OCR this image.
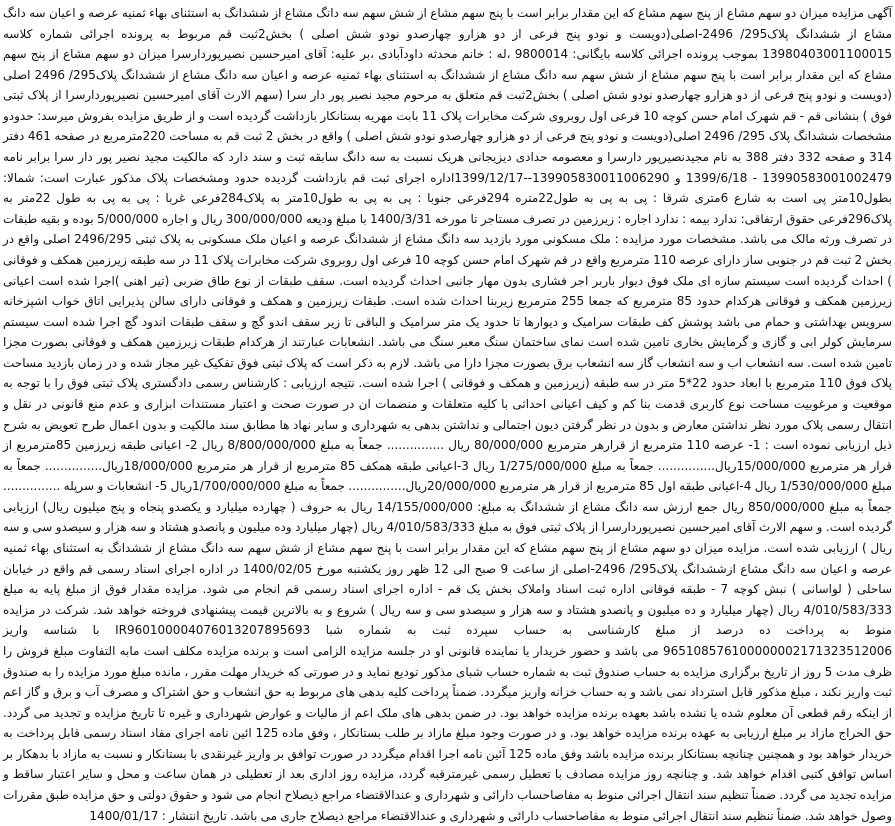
آگهی مزایده میزان دو سهم مشاع از پنج سهم مشاع که این مقدار برابر است با پنج سهم مشاع از شش سهم سه دانگ مشاع از ششدانگ به استثنای بهاء ثمنیه عرصه و اعیان سه دانگ مشاع از ششدانگ پلاک295/ 2496-اصلی(دویست و نودو پنج فرعی از دو هزارو چهارصدو نودو شش اصلی ) بخش2ثبت قم مربوط به پرونده اجرائی شماره کلاسه 13980403001100015 بموجب پرونده اجرائی کلاسه بایگانی: 9800014 ،له : خانم محدثه داودآبادی ،بر علیه: آقای امیرحسین نصیرپوردارسرا میزان دو سهم مشاع از پنج سهم مشاع که این مقدار برابر است با پنج سهم مشاع از شش سهم سه دانگ مشاع از ششدانگ به استثنای بهاء ثمنیه عرصه و اعیان سه دانگ مشاع از ششدانگ پلاک295/ 2496 اصلی (دویست و نودو پنج فرعی از دو هزارو چهارصدو نودو شش اصلی ) بخش2ثبت قم متعلق به مرحوم مجید نصیر پور دار سرا (سهم الارث آقای امیرحسین نصیرپوردارسرا از پلاک ثبتی فوق ) بنشانی قم - قم شهرک امام حسن کوچه 10 فرعی اول روبروی شرکت مخابرات پلاک 11 بابت مهریه بستانکار بازداشت گردیده است و از طریق مزایده بفروش میرسد: حدودو مشخصات ششدانگ پلاک 295/ 2496 اصلی(دویست و نودو پنج فرعی از دو هزارو چهارصدو نودو شش اصلی ) واقع در بخش 2 ثبت قم به مساحت 220مترمربع در صفحه 461 دفتر 314 و صفحه 332 دفتر 388 به نام مجیدنصیرپور دارسرا و معصومه حدادی دیزیجانی هریک نسبت به سه دانگ سابقه ثبت و سند دارد که مالکیت مجید نصیر پور دار سرا برابر نامه 13990583001002479 - 1399/6/18 و 139905830011006290--1399/12/17اداره اجرای ثبت قم بازداشت گردیده حدود ومشخصات پلاک مذکور عبارت است: شمالا: بطول10متر پی است به شارع 6متری شرقا : پی به پی به طول22متره 294فرعی جنوبا : پی به پی به طول10متر به پلاک284فرعی غربا : پی به پی به طول 22متر به پلاک296فرعی حقوق ارتفاقی: ندارد بیمه : ندارد اجاره : زیرزمین در تصرف مستاجر تا مورخه 1400/3/31 با مبلغ ودیعه 300/000/000 ریال و اجاره 5/000/000 بوده و بقیه طبقات در تصرف ورثه مالک می باشد. مشخصات مورد مزایده : ملک مسکونی مورد بازدید سه دانگ مشاع از ششدانگ عرصه و اعیان ملک مسکونی به پلاک ثبتی 2496/295 اصلی واقع در بخش 2 ثبت قم در جنوبی ساز دارای عرصه 110 مترمربع واقع در قم شهرک امام حسن کوچه 10 فرعی اول روبروی شرکت مخابرات پلاک 11 در سه طبقه زیرزمین همکف و فوقانی ) احداث گردیده است سیستم سازه ای ملک فوق دیوار باربر اجر فشاری بدون مهار جانبی احداث گردیده است. سقف طبقات از نوع طاق ضربی (تیر اهنی )اجرا شده است اعیانی زیرزمین همکف و فوقانی هرکدام حدود 85 مترمربع که جمعا 255 مترمربع زیربنا احداث شده است. طبقات زیرزمین و همکف و فوقانی دارای سالن پذیرایی اتاق خواب اشپزخانه سرویس بهداشتی و حمام می باشد پوشش کف طبقات سرامیک و دیوارها تا حدود یک متر سرامیک و الباقی تا زیر سقف اندو گچ و سقف طبقات اندود گچ اجرا شده است سیستم سرمایش کولر ابی و گازی و گرمایش بخاری تامین شده است نمای ساختمان سنگ معبر سنگ می باشد. انشعابات عبارتند از هرکدام طبقات زیرزمین همکف و فوقانی بصورت مجزا تامین شده است. سه انشعاب اب و سه انشعاب گاز سه انشعاب برق بصورت مجزا دارا می باشد. لازم به ذکر است که پلاک ثبتی فوق تفکیک غیر مجاز شده و در زمان بازدید مساحت پلاک فوق 110 مترمربع با ابعاد حدود 22*5 متر در سه طبقه (زیرزمین و همکف و فوقانی ) اجرا شده است. نتیجه ارزیابی : کارشناس رسمی دادگستری پلاک ثبتی فوق را با توجه به موقعیت و مرغوبیت مساحت نوع کاربری قدمت بنا کم و کیف اعیانی احداثی با کلیه متعلقات و منضمات ان در صورت صحت و اعتبار مستندات ابزاری و عدم منع قانونی در نقل و انتقال رسمی پلاک مورد نظر نداشتن معارض و بدون در نظر گرفتن دیون اجتمالی و نداشتن بدهی به شهرداری و سایر نهاد ها مطابق سند مالکیت و بدون اعمال طرح تعویض به شرح ذیل ارزیابی نموده است : 1- عرصه 110 مترمربع از قرارهر مترمربع 80/000/000 ریال ............... جمعاً به مبلغ 8/800/000/000 ریال 2- اعیانی طبقه زیرزمین 85مترمربع از قرار هر مترمربع 15/000/000ریال............... جمعاً به مبلغ 1/275/000/000 ریال 3-اعیانی طبقه همکف 85 مترمربع از قرار هر مترمربع 18/000/000ریال............... جمعاً به مبلغ 1/530/000/000 ریال 4-اعیانی طبقه اول 85 مترمربع از قرار هر مترمربع 20/000/000ریال............... جمعاً به مبلغ 1/700/000/000ریال 5- انشعابات و سرپله ............... جمعاً به مبلغ 850/000/000 ریال جمع ارزش سه دانگ مشاع از ششدانگ به مبلغ: 14/155/000/000 ریال به حروف ( چهارده میلیارد و یکصدو پنجاه و پنج میلیون ریال) ارزیابی گردیده است. و سهم الارث آقای امیرحسین نصیرپوردارسرا از پلاک ثبتی فوق به مبلغ 4/010/583/333 ریال (چهار میلیارد وده میلیون و پانصدو هشتاد و سه هزار و سیصدو سی و سه ریال ) ارزیابی شده است. مزایده میزان دو سهم مشاع از پنج سهم مشاع که این مقدار برابر است با پنج سهم مشاع از شش سهم سه دانگ مشاع از ششدانگ به استثنای بهاء ثمنیه عرصه و اعیان سه دانگ مشاع ازششدانگ پلاک295/ 2496-اصلی از ساعت 9 صبح الی 12 ظهر روز یکشنبه مورخ 1400/02/05 در اداره اجرای اسناد رسمی قم واقع در خیابان ساحلی ( لواسانی ) نبش کوچه 7 - طبقه فوقانی اداره ثبت اسناد واملاک بخش یک قم - اداره اجرای اسناد رسمی قم انجام می شود. مزایده مقدار فوق از مبلغ پایه به مبلغ 4/010/583/333 ریال (چهار میلیارد و ده میلیون و پانصدو هشتاد و سه هزار و سیصدو سی و سه ریال ) شروع و به بالاترین قیمت پیشنهادی فروخته خواهد شد. شرکت در مزایده منوط به پرداخت ده درصد از مبلغ کارشناسی به حساب سپرده ثبت به شماره شبا IR960100004076013207895693 با شناسه واریز 965108576100000002171323512006 می باشد و حضور خریدار یا نماینده قانونی او در جلسه مزایده الزامی است و برنده مزایده مکلف است مابه التفاوت مبلغ فروش را ظرف مدت 5 روز از تاریخ برگزاری مزایده به حساب صندوق ثبت به شماره حساب شبای مذکور تودیع نماید و در صورتی که خریدار مهلت مقرر ، مانده مبلغ مورد مزایده را به صندوق ثبت واریز نکند ، مبلغ مذکور قابل استرداد نمی باشد و به حساب خزانه واریز میگردد. ضمناً پرداخت کلیه بدهی های مربوط به حق انشعاب و حق اشتراک و مصرف آب و برق و گاز اعم از اینکه رقم قطعی آن معلوم شده یا نشده باشد بعهده برنده مزایده خواهد بود. در ضمن بدهی های ملک اعم از مالیات و عوارض شهرداری و غیره تا تاریخ مزایده و تجدید می گردد. حق الحراج مازاد بر مبلغ ارزیابی به عهده برنده مزایده خواهد بود. و در صورت وجود مبلغ مازاد بر طلب بستانکار ، وفق ماده 125 ائین نامه اجرای مفاد اسناد رسمی قابل پرداخت به خریدار خواهد بود و همچنین چنانچه بستانکار برنده مزایده باشد وفق ماده 125 آئین نامه اجرا اقدام میگردد در صورت توافق بر واریز غیرنقدی با بستانکار و نسبت به مازاد با بدهکار بر اساس توافق کتبی اقدام خواهد شد. و چنانچه روز مزایده مصادف با تعطیل رسمی غیرمترقبه گردد، مزایده روز اداری بعد از تعطیلی در همان ساعت و محل و سایر اعتبار ساقط و مزایده تجدید می گردد. ضمناً تنظیم سند انتقال اجرائی منوط به مفاصاحساب دارائی و شهرداری و عندالاقتضاء مراجع ذیصلاح انجام می شود و حقوق دولتی و حق مزایده طبق مقررات وصول خواهد شد. ضمناً تنظیم سند انتقال اجرائی منوط به مفاصاحساب دارائی و شهرداری و عندالاقتضاء مراجع ذیصلاح جاری می باشد. تاریخ انتشار : 1400/01/17
